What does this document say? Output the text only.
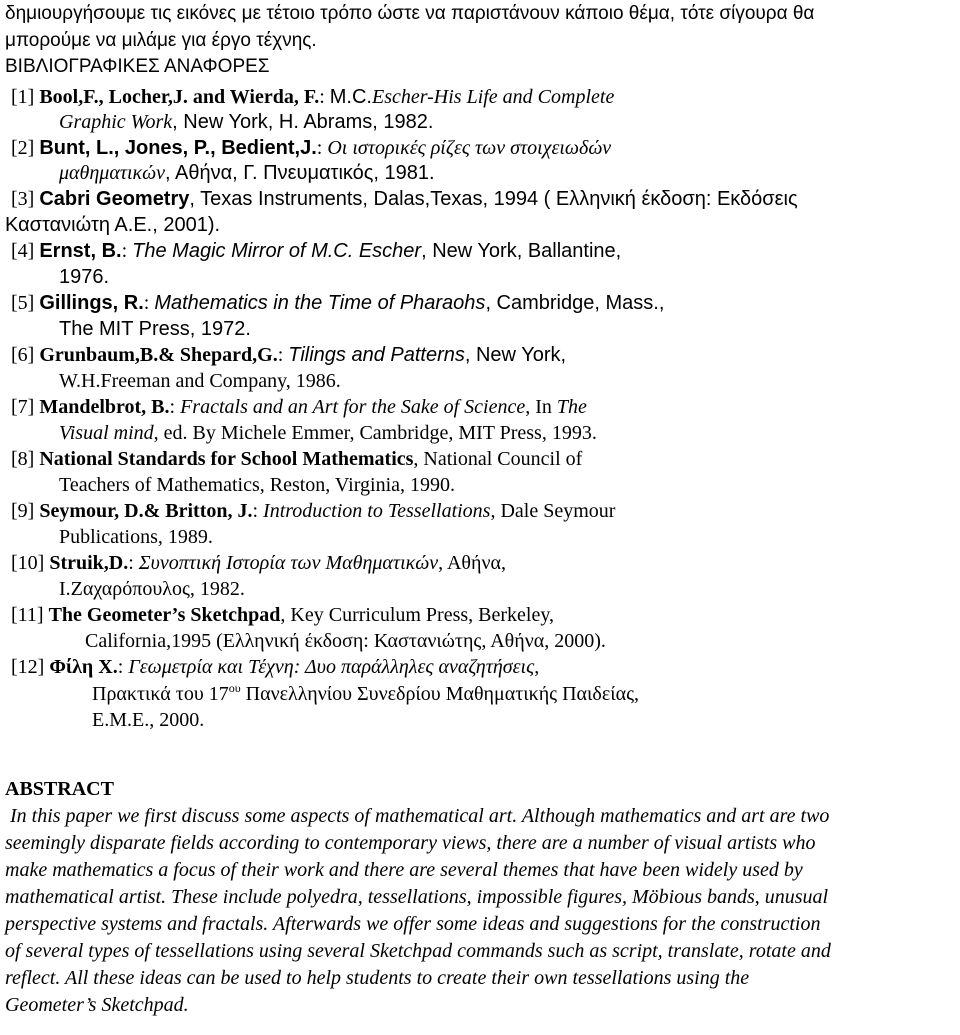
δημιουργήσουμε τις εικόνες με τέτοιο τρόπο ώστε να παριστάνουν κάποιο θέμα, τότε σίγουρα θα
μπορούμε να μιλάμε για έργο τέχνης.
ΒΙΒΛΙΟΓΡΑΦΙΚΕΣ ΑΝΑΦΟΡΕΣ
[1] Bool,F., Locher,J. and Wierda, F.: M.C.Escher-His Life and Complete
Graphic Work, New York, H. Abrams, 1982.
[2] Bunt, L., Jones, P., Bedient,J.: Οι ιστορικές ρίζες των στοιχειωδών
μαθηματικών, Αθήνα, Γ. Πνευματικός, 1981.
[3] Cabri Geometry, Texas Instruments, Dalas,Texas, 1994 ( Ελληνική έκδοση: Εκδόσεις
Καστανιώτη Α.Ε., 2001).
[4] Ernst, B.: The Magic Mirror of M.C. Escher, New York, Ballantine,
1976.
[5] Gillings, R.: Mathematics in the Time of Pharaohs, Cambridge, Mass.,
The MIT Press, 1972.
[6] Grunbaum,B.& Shepard,G.: Tilings and Patterns, New York,
W.H.Freeman and Company, 1986.
[7] Mandelbrot, B.: Fractals and an Art for the Sake of Science, In The
Visual mind, ed. By Michele Emmer, Cambridge, MIT Press, 1993.
[8] National Standards for School Mathematics, National Council of
Teachers of Mathematics, Reston, Virginia, 1990.
[9] Seymour, D.& Britton, J.: Introduction to Tessellations, Dale Seymour
Publications, 1989.
[10] Struik,D.: Συνοπτική Ιστορία των Μαθηματικών, Αθήνα,
Ι.Ζαχαρόπουλος, 1982.
[11] The Geometer’s Sketchpad, Key Curriculum Press, Berkeley,
California,1995 (Ελληνική έκδοση: Καστανιώτης, Αθήνα, 2000).
[12] Φίλη Χ.: Γεωμετρία και Τέχνη: Δυο παράλληλες αναζητήσεις,
Πρακτικά του $17^{o\upsilon}$ Πανελληνίου Συνεδρίου Μαθηματικής Παιδείας,
Ε.Μ.Ε., 2000.
ABSTRACT
In this paper we first discuss some aspects of mathematical art. Although mathematics and art are two
seemingly disparate fields according to contemporary views, there are a number of visual artists who
make mathematics a focus of their work and there are several themes that have been widely used by
mathematical artist. These include polyedra, tessellations, impossible figures, Möbious bands, unusual
perspective systems and fractals. Afterwards we offer some ideas and suggestions for the construction
of several types of tessellations using several Sketchpad commands such as script, translate, rotate and
reflect. All these ideas can be used to help students to create their own tessellations using the
Geometer’s Sketchpad.
